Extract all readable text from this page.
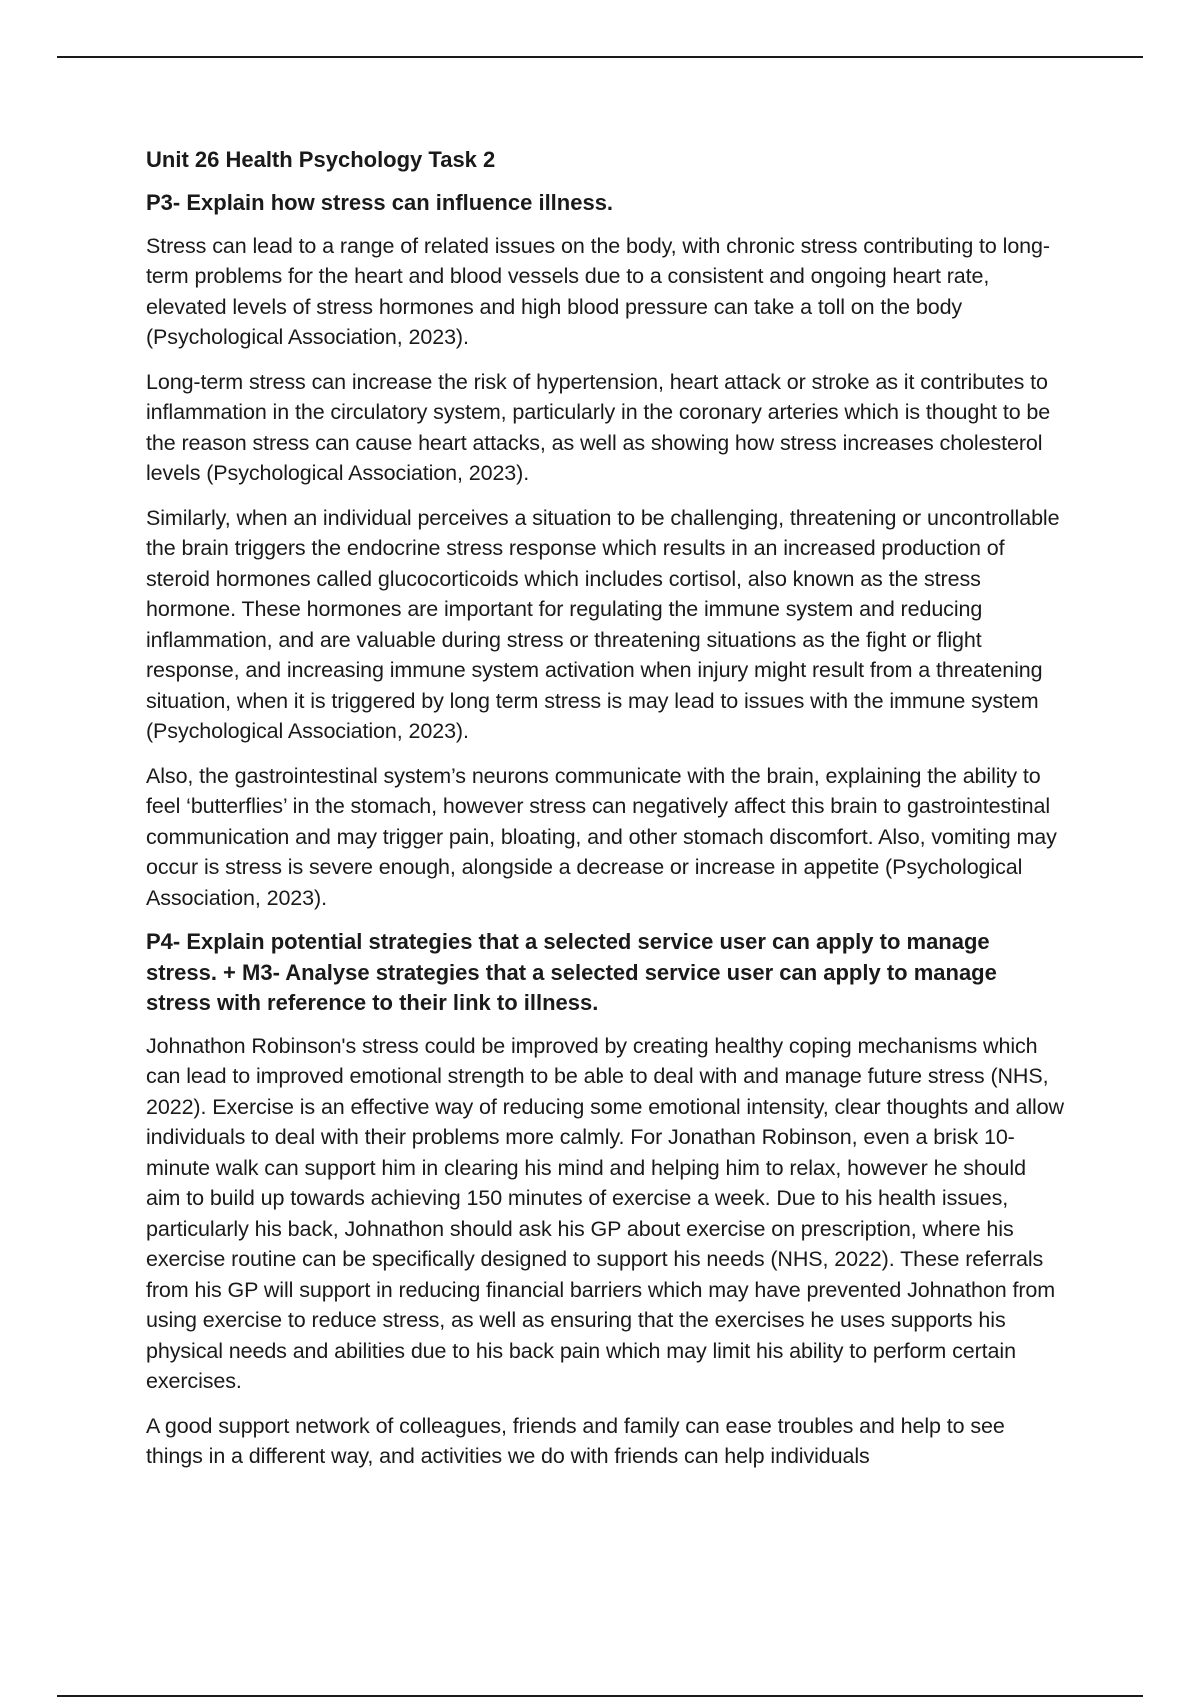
Unit 26 Health Psychology Task 2
P3- Explain how stress can influence illness.

Stress can lead to a range of related issues on the body, with chronic stress contributing to long-term problems for the heart and blood vessels due to a consistent and ongoing heart rate, elevated levels of stress hormones and high blood pressure can take a toll on the body (Psychological Association, 2023).

Long-term stress can increase the risk of hypertension, heart attack or stroke as it contributes to inflammation in the circulatory system, particularly in the coronary arteries which is thought to be the reason stress can cause heart attacks, as well as showing how stress increases cholesterol levels (Psychological Association, 2023).

Similarly, when an individual perceives a situation to be challenging, threatening or uncontrollable the brain triggers the endocrine stress response which results in an increased production of steroid hormones called glucocorticoids which includes cortisol, also known as the stress hormone. These hormones are important for regulating the immune system and reducing inflammation, and are valuable during stress or threatening situations as the fight or flight response, and increasing immune system activation when injury might result from a threatening situation, when it is triggered by long term stress is may lead to issues with the immune system (Psychological Association, 2023).

Also, the gastrointestinal system’s neurons communicate with the brain, explaining the ability to feel ‘butterflies’ in the stomach, however stress can negatively affect this brain to gastrointestinal communication and may trigger pain, bloating, and other stomach discomfort. Also, vomiting may occur is stress is severe enough, alongside a decrease or increase in appetite (Psychological Association, 2023).

P4- Explain potential strategies that a selected service user can apply to manage stress. + M3- Analyse strategies that a selected service user can apply to manage stress with reference to their link to illness.

Johnathon Robinson's stress could be improved by creating healthy coping mechanisms which can lead to improved emotional strength to be able to deal with and manage future stress (NHS, 2022). Exercise is an effective way of reducing some emotional intensity, clear thoughts and allow individuals to deal with their problems more calmly. For Jonathan Robinson, even a brisk 10-minute walk can support him in clearing his mind and helping him to relax, however he should aim to build up towards achieving 150 minutes of exercise a week. Due to his health issues, particularly his back, Johnathon should ask his GP about exercise on prescription, where his exercise routine can be specifically designed to support his needs (NHS, 2022). These referrals from his GP will support in reducing financial barriers which may have prevented Johnathon from using exercise to reduce stress, as well as ensuring that the exercises he uses supports his physical needs and abilities due to his back pain which may limit his ability to perform certain exercises.

A good support network of colleagues, friends and family can ease troubles and help to see things in a different way, and activities we do with friends can help individuals
